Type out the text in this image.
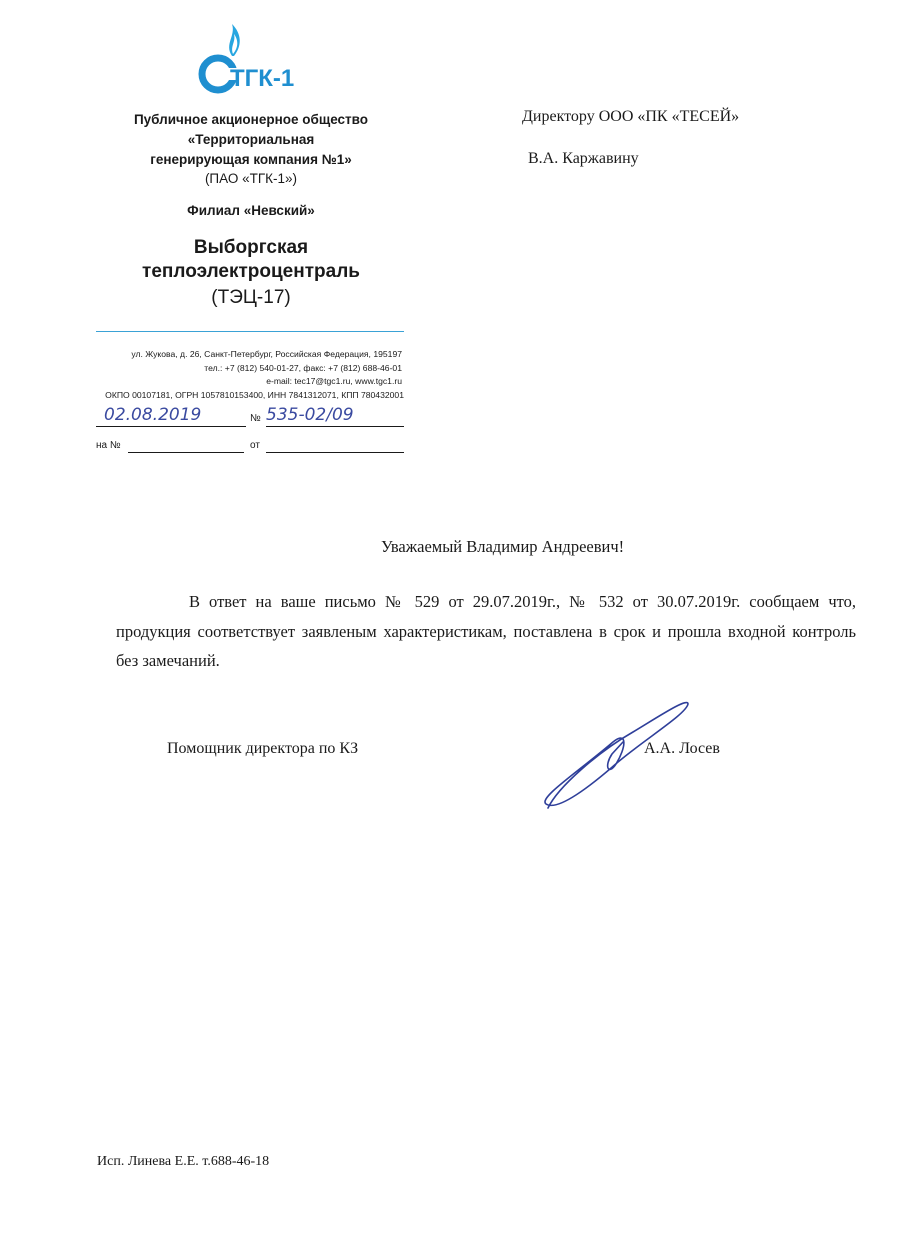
ТГК-1
Публичное акционерное общество
«Территориальная
генерирующая компания №1»
(ПАО «ТГК-1»)
Филиал «Невский»
Выборгская
теплоэлектроцентраль
(ТЭЦ-17)
ул. Жукова, д. 26, Санкт-Петербург, Российская Федерация, 195197
тел.: +7 (812) 540-01-27, факс: +7 (812) 688-46-01
e-mail: tec17@tgc1.ru, www.tgc1.ru
ОКПО 00107181, ОГРН 1057810153400, ИНН 7841312071, КПП 780432001
02.08.2019	№ 535-02/09
на №	от
Директору ООО «ПК «ТЕСЕЙ»
В.А. Каржавину
Уважаемый Владимир Андреевич!
В ответ на ваше письмо № 529 от 29.07.2019г., № 532 от 30.07.2019г. сообщаем что,
продукция соответствует заявленым характеристикам, поставлена в срок и прошла входной контроль без замечаний.
Помощник директора по КЗ	А.А. Лосев
Исп. Линева Е.Е. т.688-46-18
